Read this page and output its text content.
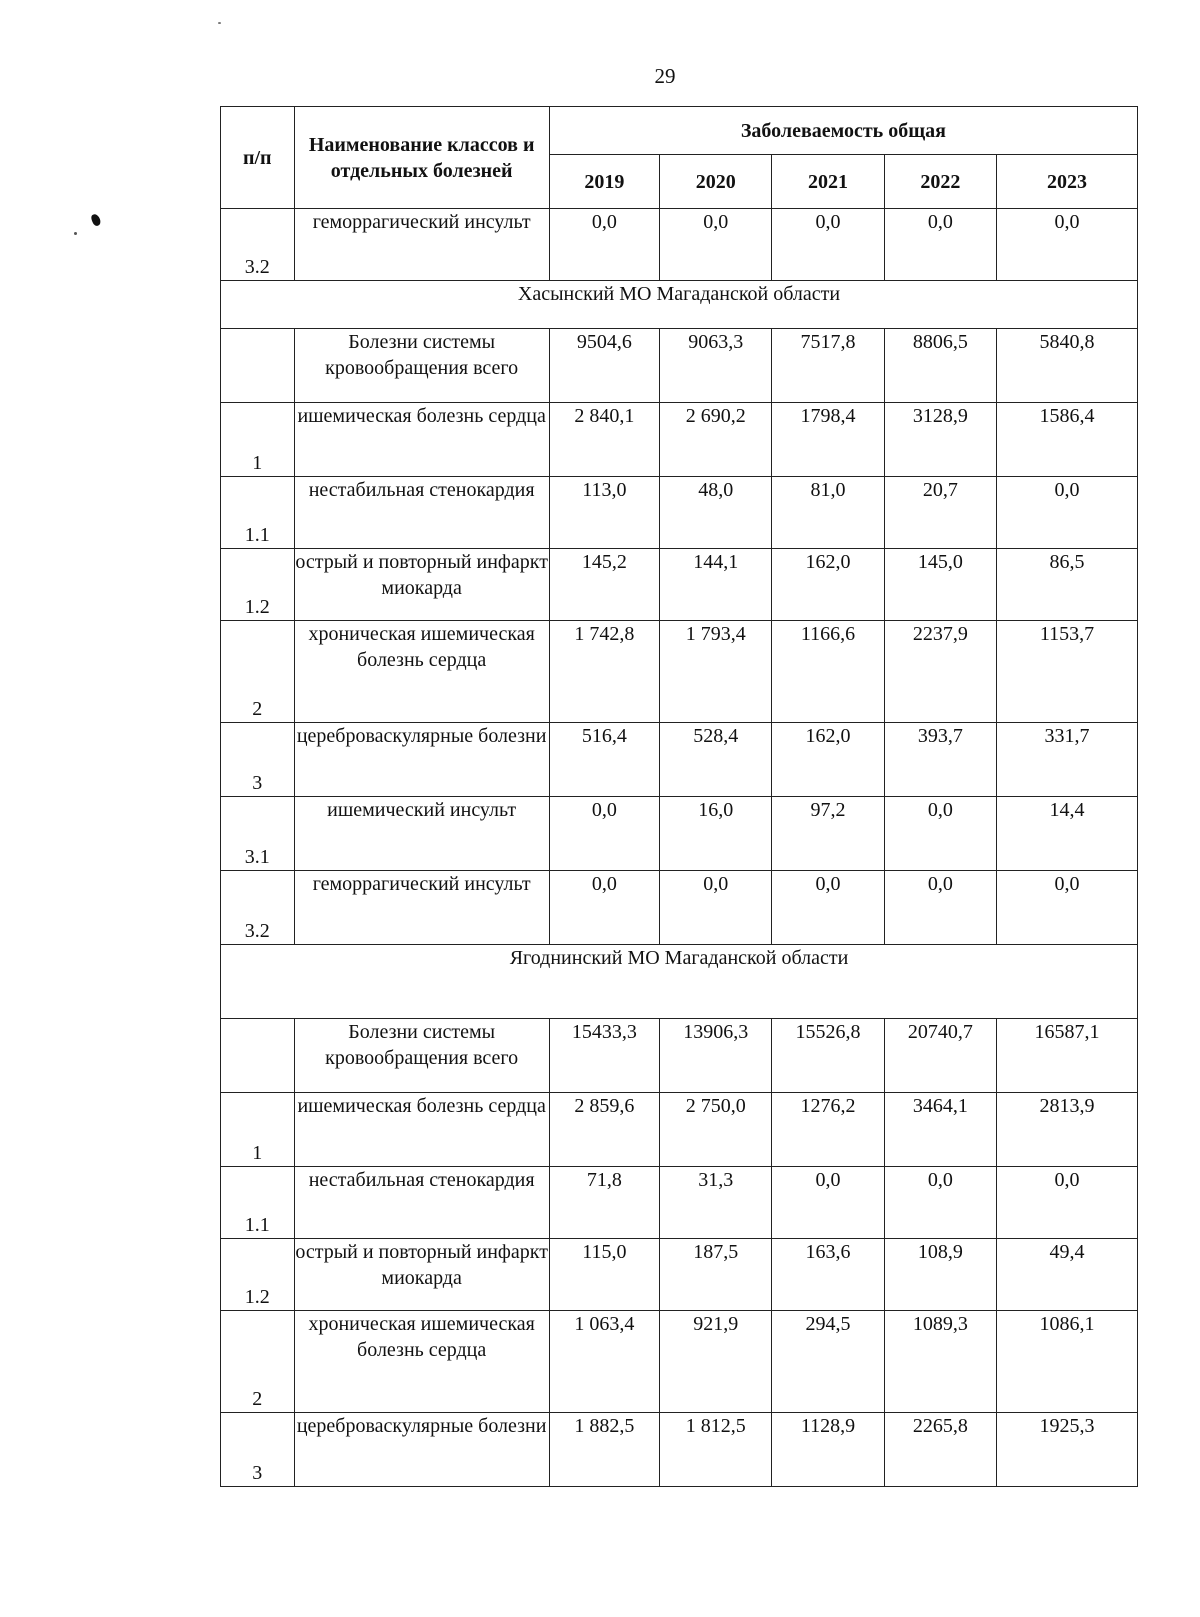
29
п/п	Наименование классов и отдельных болезней	Заболеваемость общая				
		2019	2020	2021	2022	2023
3.2	геморрагический инсульт	0,0	0,0	0,0	0,0	0,0
Хасынский МО Магаданской области						
	Болезни системы кровообращения всего	9504,6	9063,3	7517,8	8806,5	5840,8
1	ишемическая болезнь сердца	2 840,1	2 690,2	1798,4	3128,9	1586,4
1.1	нестабильная стенокардия	113,0	48,0	81,0	20,7	0,0
1.2	острый и повторный инфаркт миокарда	145,2	144,1	162,0	145,0	86,5
2	хроническая ишемическая болезнь сердца	1 742,8	1 793,4	1166,6	2237,9	1153,7
3	цереброваскулярные болезни	516,4	528,4	162,0	393,7	331,7
3.1	ишемический инсульт	0,0	16,0	97,2	0,0	14,4
3.2	геморрагический инсульт	0,0	0,0	0,0	0,0	0,0
Ягоднинский МО Магаданской области						
	Болезни системы кровообращения всего	15433,3	13906,3	15526,8	20740,7	16587,1
1	ишемическая болезнь сердца	2 859,6	2 750,0	1276,2	3464,1	2813,9
1.1	нестабильная стенокардия	71,8	31,3	0,0	0,0	0,0
1.2	острый и повторный инфаркт миокарда	115,0	187,5	163,6	108,9	49,4
2	хроническая ишемическая болезнь сердца	1 063,4	921,9	294,5	1089,3	1086,1
3	цереброваскулярные болезни	1 882,5	1 812,5	1128,9	2265,8	1925,3
